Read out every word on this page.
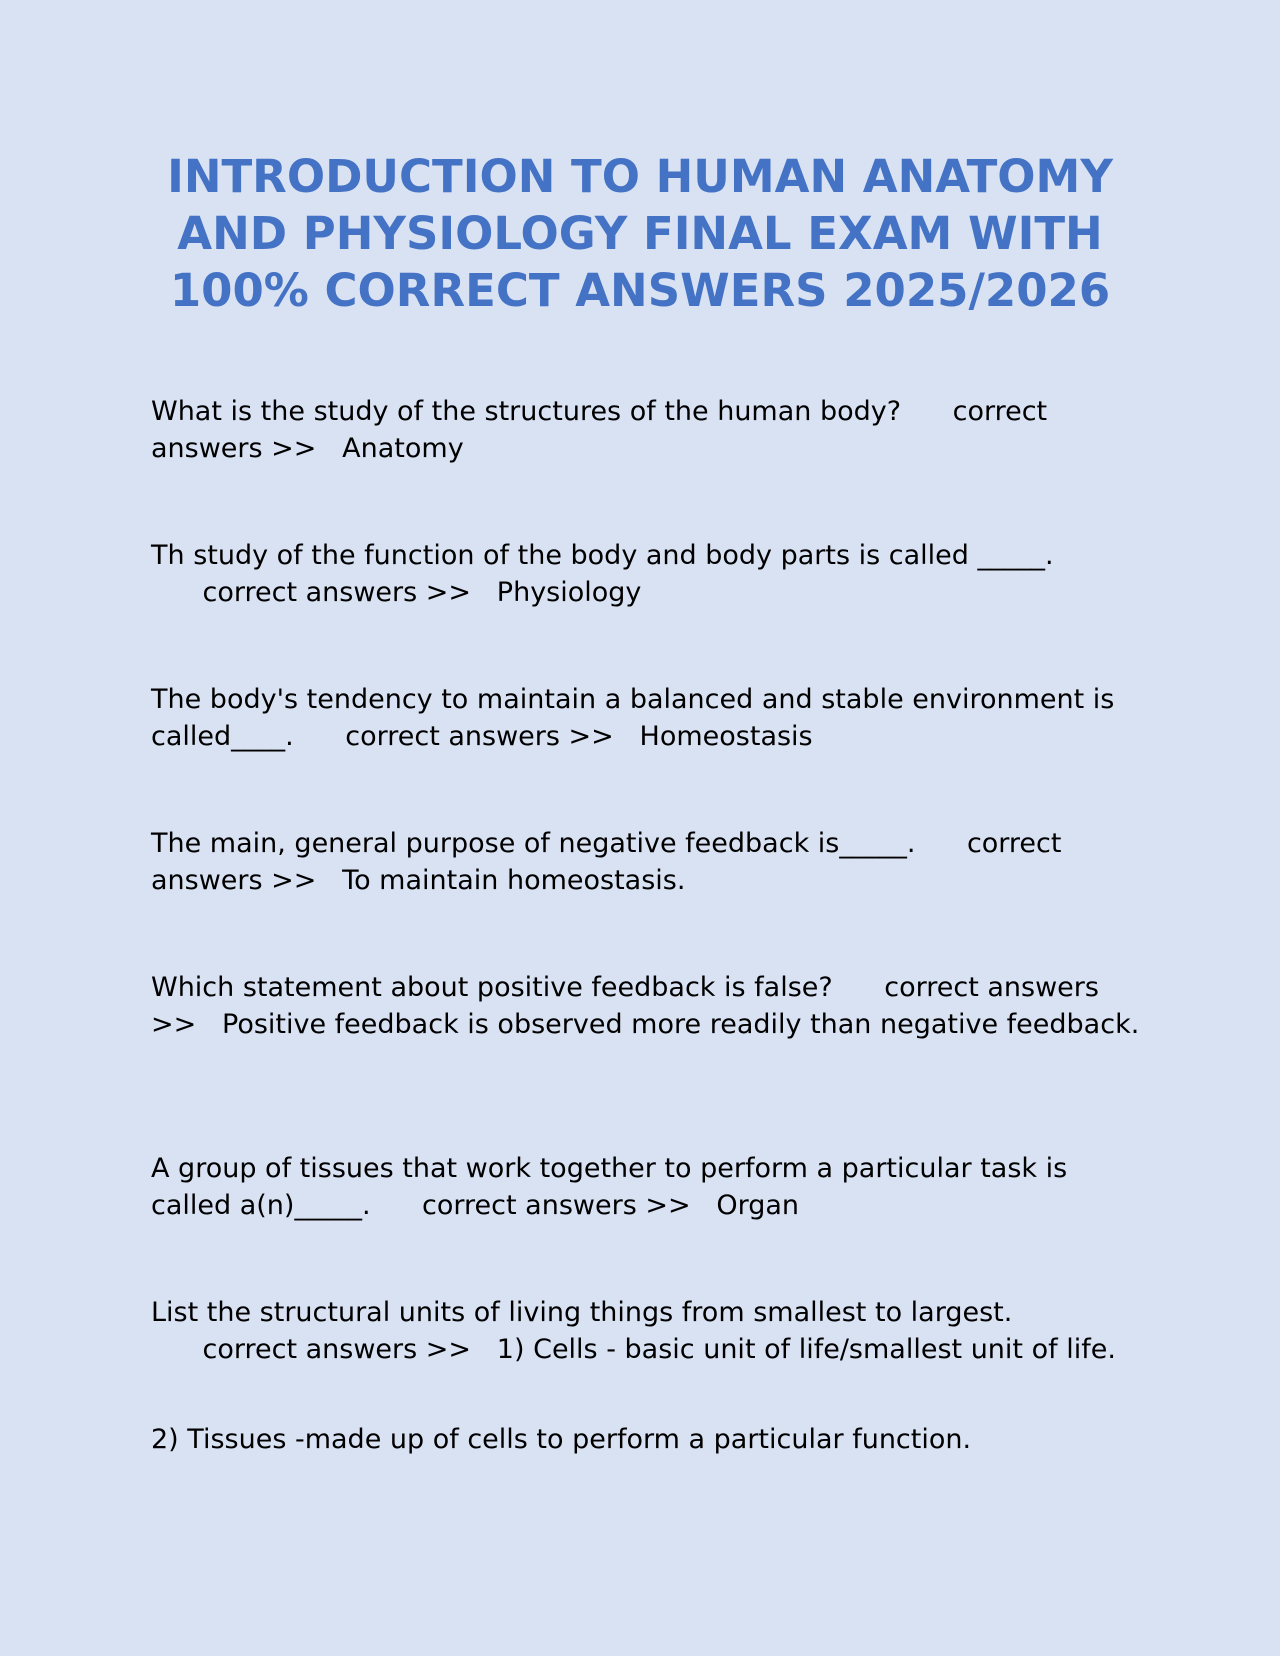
INTRODUCTION TO HUMAN ANATOMY AND PHYSIOLOGY FINAL EXAM WITH 100% CORRECT ANSWERS 2025/2026

What is the study of the structures of the human body? correct answers >> Anatomy

Th study of the function of the body and body parts is called _____.      correct answers >> Physiology

The body's tendency to maintain a balanced and stable environment is called____. correct answers >> Homeostasis

The main, general purpose of negative feedback is_____. correct answers >> To maintain homeostasis.

Which statement about positive feedback is false? correct answers >> Positive feedback is observed more readily than negative feedback.

A group of tissues that work together to perform a particular task is called a(n)_____. correct answers >> Organ

List the structural units of living things from smallest to largest.      correct answers >> 1) Cells - basic unit of life/smallest unit of life.

2) Tissues -made up of cells to perform a particular function.
